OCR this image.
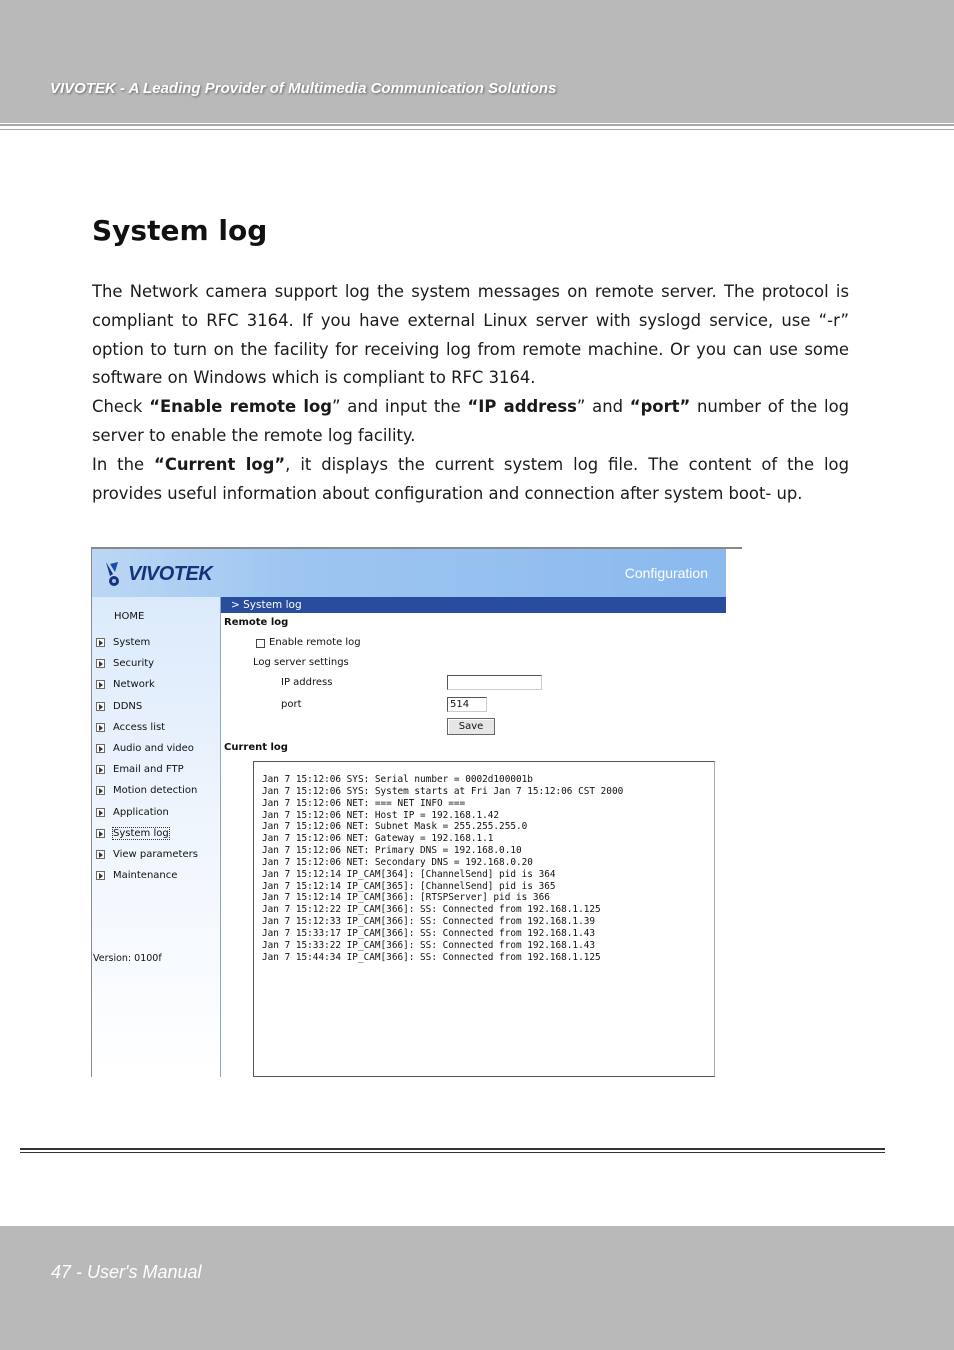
VIVOTEK - A Leading Provider of Multimedia Communication Solutions
System log

The Network camera support log the system messages on remote server. The protocol is compliant to RFC 3164. If you have external Linux server with syslogd service, use “-r” option to turn on the facility for receiving log from remote machine. Or you can use some software on Windows which is compliant to RFC 3164.

Check “Enable remote log” and input the “IP address” and “port” number of the log server to enable the remote log facility.

In the “Current log”, it displays the current system log file. The content of the log provides useful information about configuration and connection after system boot- up.

VIVOTEK	Configuration
HOME
System
Security
Network
DDNS
Access list
Audio and video
Email and FTP
Motion detection
Application
System log
View parameters
Maintenance
Version: 0100f
> System log
Remote log
Enable remote log
Log server settings
IP address
port	514
Save
Current log
Jan 7 15:12:06 SYS: Serial number = 0002d100001b
Jan 7 15:12:06 SYS: System starts at Fri Jan 7 15:12:06 CST 2000
Jan 7 15:12:06 NET: === NET INFO ===
Jan 7 15:12:06 NET: Host IP = 192.168.1.42
Jan 7 15:12:06 NET: Subnet Mask = 255.255.255.0
Jan 7 15:12:06 NET: Gateway = 192.168.1.1
Jan 7 15:12:06 NET: Primary DNS = 192.168.0.10
Jan 7 15:12:06 NET: Secondary DNS = 192.168.0.20
Jan 7 15:12:14 IP_CAM[364]: [ChannelSend] pid is 364
Jan 7 15:12:14 IP_CAM[365]: [ChannelSend] pid is 365
Jan 7 15:12:14 IP_CAM[366]: [RTSPServer] pid is 366
Jan 7 15:12:22 IP_CAM[366]: SS: Connected from 192.168.1.125
Jan 7 15:12:33 IP_CAM[366]: SS: Connected from 192.168.1.39
Jan 7 15:33:17 IP_CAM[366]: SS: Connected from 192.168.1.43
Jan 7 15:33:22 IP_CAM[366]: SS: Connected from 192.168.1.43
Jan 7 15:44:34 IP_CAM[366]: SS: Connected from 192.168.1.125
47 - User's Manual
